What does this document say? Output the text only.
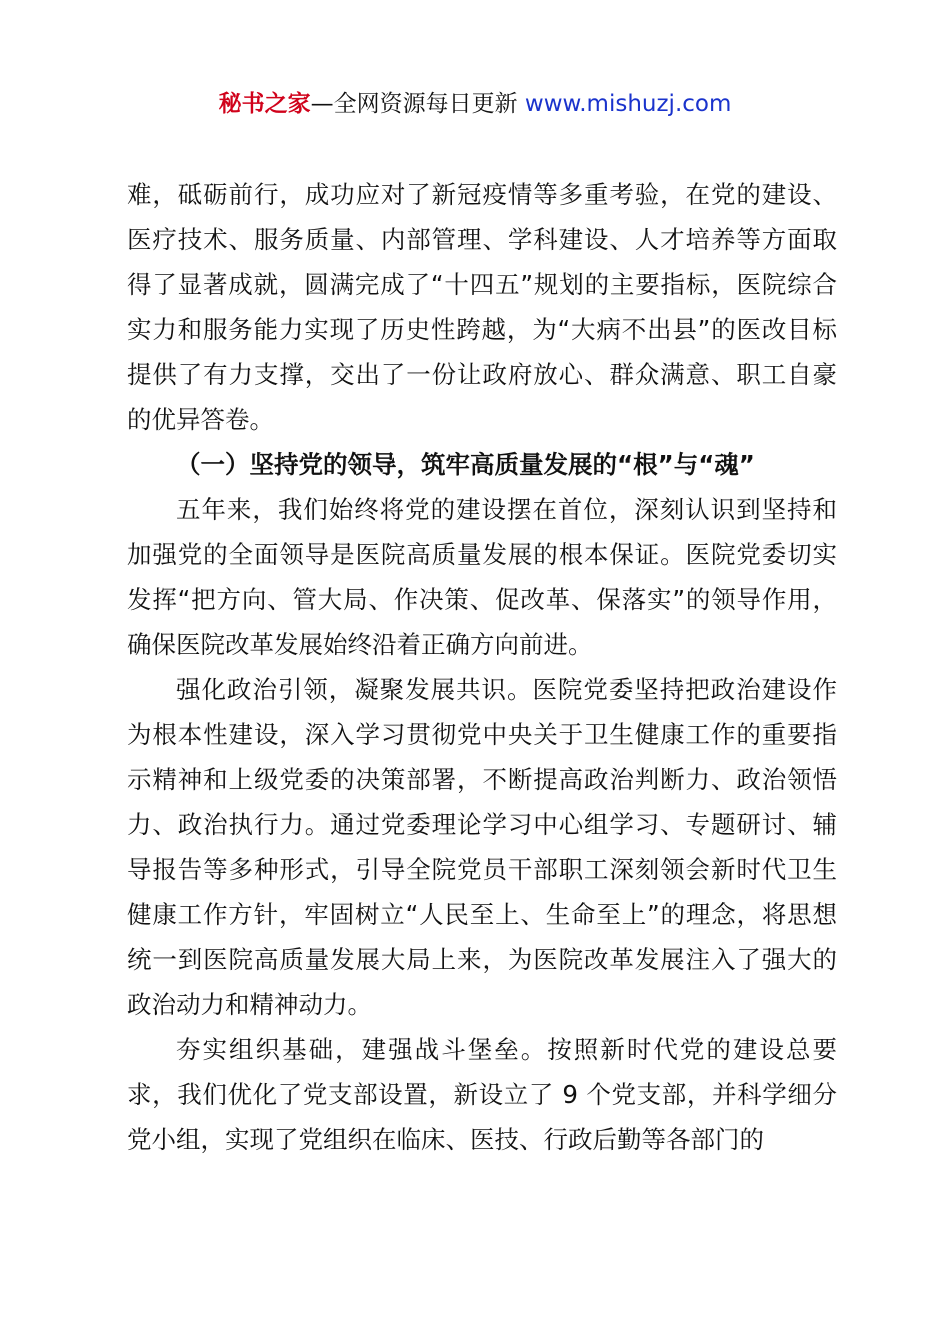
秘书之家—全网资源每日更新 www.mishuzj.com

难，砥砺前行，成功应对了新冠疫情等多重考验，在党的建设、医疗技术、服务质量、内部管理、学科建设、人才培养等方面取得了显著成就，圆满完成了“十四五”规划的主要指标，医院综合实力和服务能力实现了历史性跨越，为“大病不出县”的医改目标提供了有力支撑，交出了一份让政府放心、群众满意、职工自豪的优异答卷。

（一）坚持党的领导，筑牢高质量发展的“根”与“魂”

五年来，我们始终将党的建设摆在首位，深刻认识到坚持和加强党的全面领导是医院高质量发展的根本保证。医院党委切实发挥“把方向、管大局、作决策、促改革、保落实”的领导作用，确保医院改革发展始终沿着正确方向前进。

强化政治引领，凝聚发展共识。医院党委坚持把政治建设作为根本性建设，深入学习贯彻党中央关于卫生健康工作的重要指示精神和上级党委的决策部署，不断提高政治判断力、政治领悟力、政治执行力。通过党委理论学习中心组学习、专题研讨、辅导报告等多种形式，引导全院党员干部职工深刻领会新时代卫生健康工作方针，牢固树立“人民至上、生命至上”的理念，将思想统一到医院高质量发展大局上来，为医院改革发展注入了强大的政治动力和精神动力。

夯实组织基础，建强战斗堡垒。按照新时代党的建设总要求，我们优化了党支部设置，新设立了 9 个党支部，并科学细分党小组，实现了党组织在临床、医技、行政后勤等各部门的
